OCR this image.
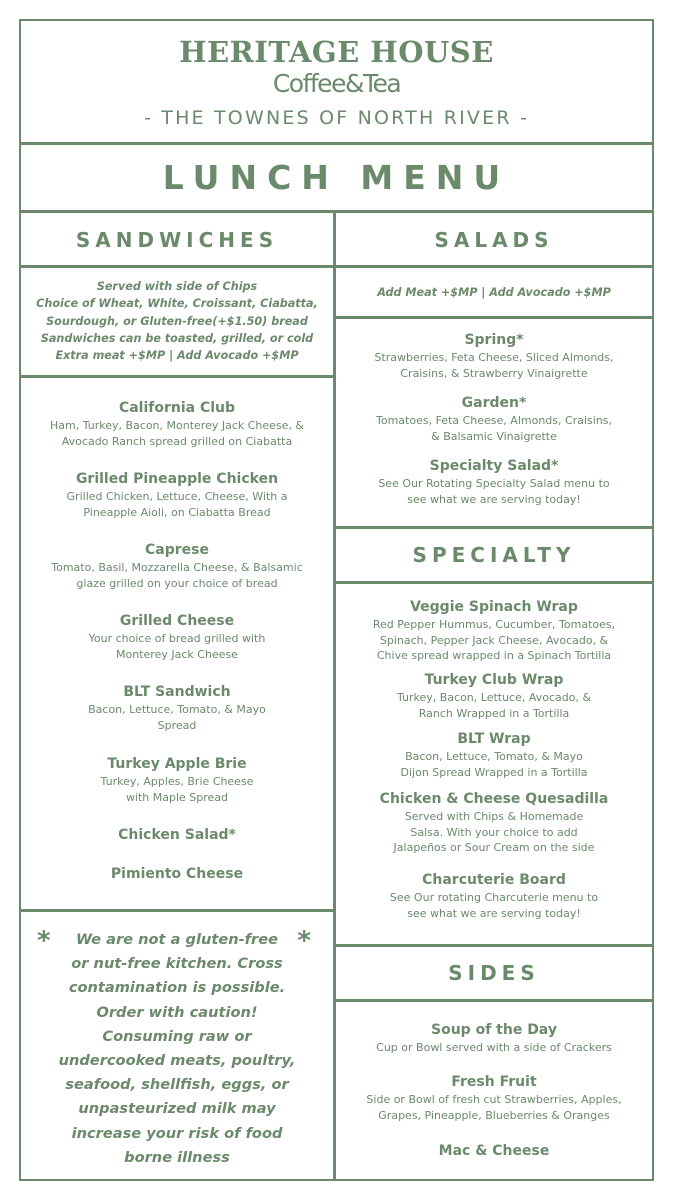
HERITAGE HOUSE
Coffee&Tea
- THE TOWNES OF NORTH RIVER -
LUNCH MENU
SANDWICHES	SALADS
Served with side of Chips
Choice of Wheat, White, Croissant, Ciabatta,
Sourdough, or Gluten-free(+$1.50) bread
Sandwiches can be toasted, grilled, or cold
Extra meat +$MP | Add Avocado +$MP
Add Meat +$MP | Add Avocado +$MP
California Club
Ham, Turkey, Bacon, Monterey Jack Cheese, &
Avocado Ranch spread grilled on Ciabatta
Grilled Pineapple Chicken
Grilled Chicken, Lettuce, Cheese, With a
Pineapple Aioli, on Ciabatta Bread
Caprese
Tomato, Basil, Mozzarella Cheese, & Balsamic
glaze grilled on your choice of bread
Grilled Cheese
Your choice of bread grilled with
Monterey Jack Cheese
BLT Sandwich
Bacon, Lettuce, Tomato, & Mayo
Spread
Turkey Apple Brie
Turkey, Apples, Brie Cheese
with Maple Spread
Chicken Salad*
Pimiento Cheese
Spring*
Strawberries, Feta Cheese, Sliced Almonds,
Craisins, & Strawberry Vinaigrette
Garden*
Tomatoes, Feta Cheese, Almonds, Craisins,
& Balsamic Vinaigrette
Specialty Salad*
See Our Rotating Specialty Salad menu to
see what we are serving today!
SPECIALTY
Veggie Spinach Wrap
Red Pepper Hummus, Cucumber, Tomatoes,
Spinach, Pepper Jack Cheese, Avocado, &
Chive spread wrapped in a Spinach Tortilla
Turkey Club Wrap
Turkey, Bacon, Lettuce, Avocado, &
Ranch Wrapped in a Tortilla
BLT Wrap
Bacon, Lettuce, Tomato, & Mayo
Dijon Spread Wrapped in a Tortilla
Chicken & Cheese Quesadilla
Served with Chips & Homemade
Salsa. With your choice to add
Jalapeños or Sour Cream on the side
Charcuterie Board
See Our rotating Charcuterie menu to
see what we are serving today!
SIDES
Soup of the Day
Cup or Bowl served with a side of Crackers
Fresh Fruit
Side or Bowl of fresh cut Strawberries, Apples,
Grapes, Pineapple, Blueberries & Oranges
Mac & Cheese
*	*
We are not a gluten-free
or nut-free kitchen. Cross
contamination is possible.
Order with caution!
Consuming raw or
undercooked meats, poultry,
seafood, shellfish, eggs, or
unpasteurized milk may
increase your risk of food
borne illness
